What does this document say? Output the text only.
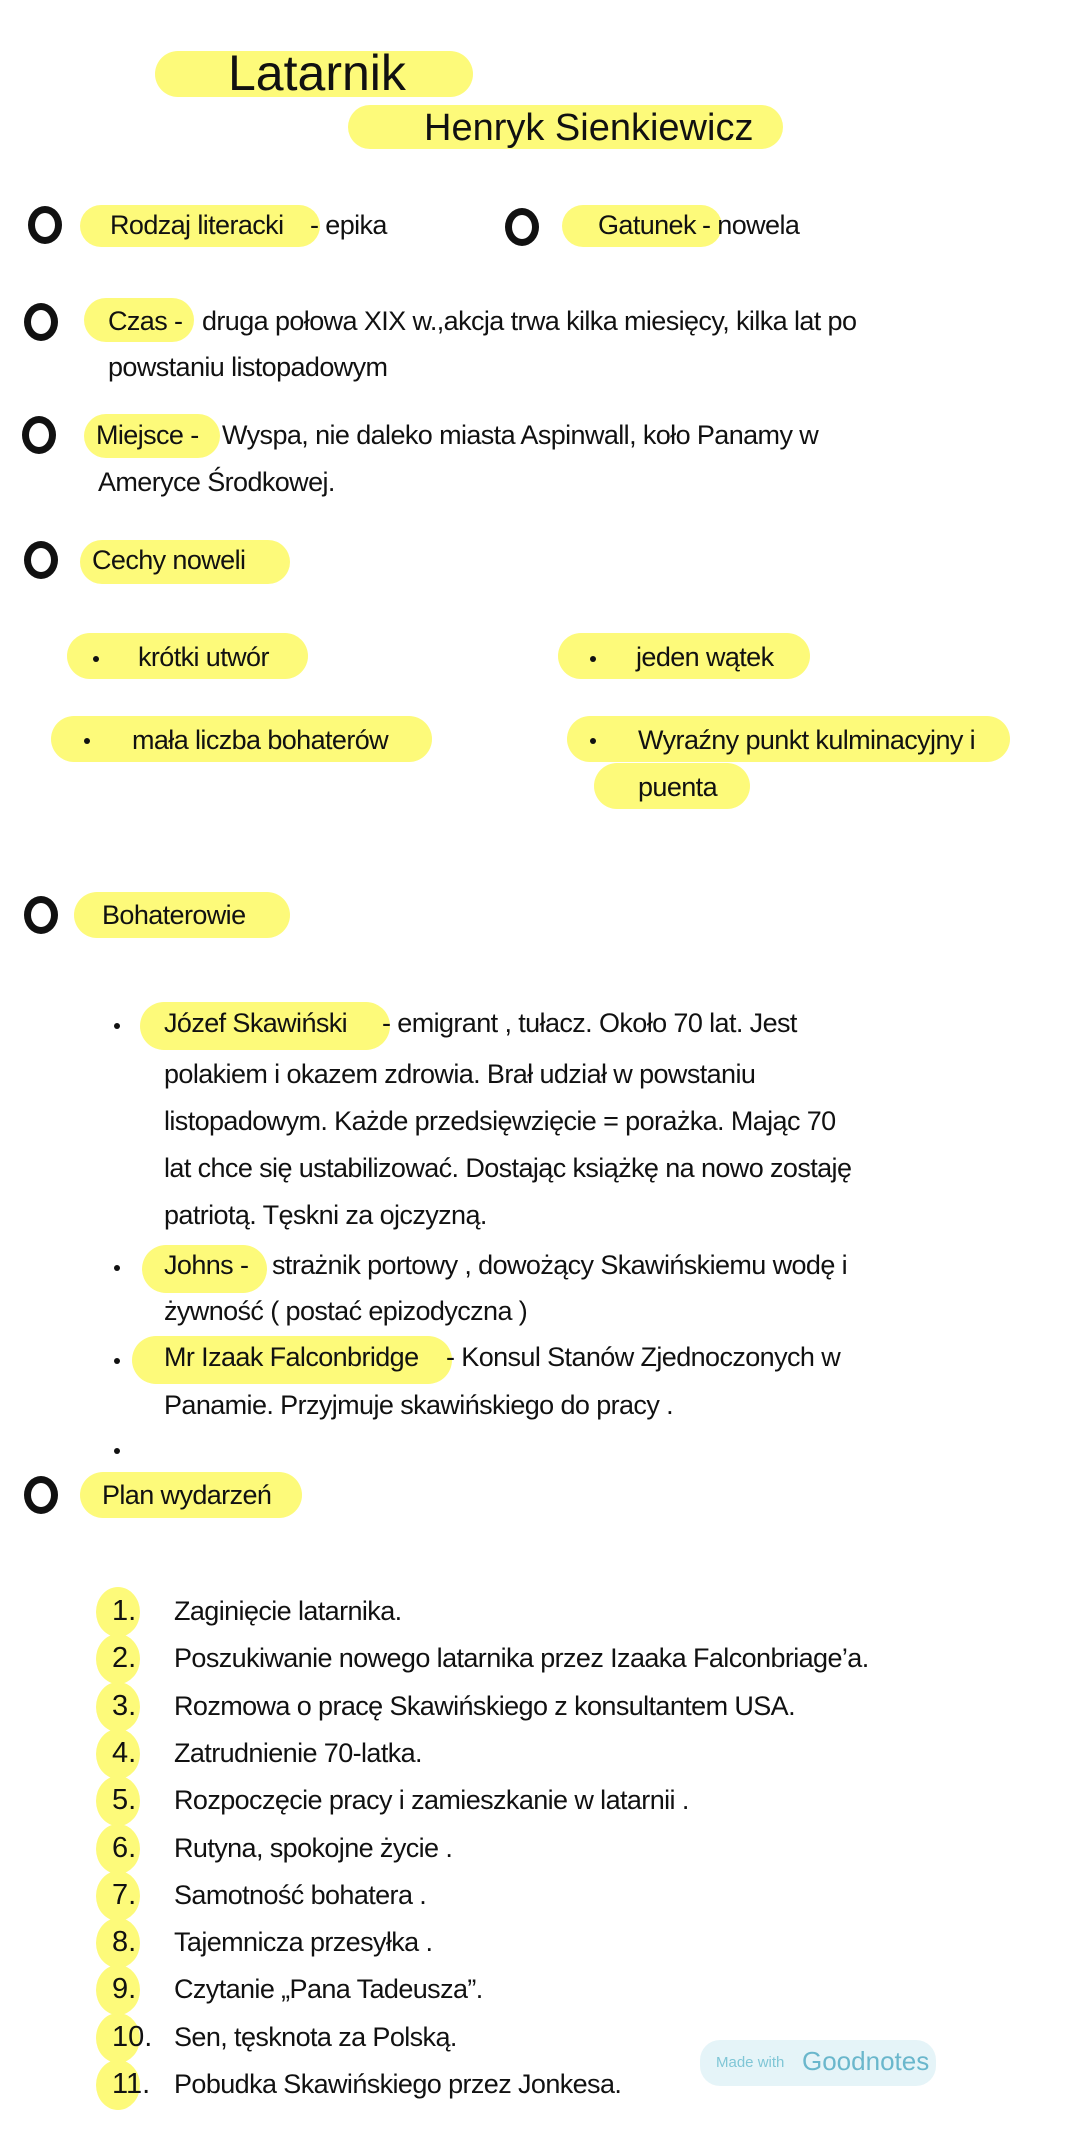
Latarnik
Henryk Sienkiewicz
Rodzaj literacki - epika	Gatunek - nowela
Czas - druga połowa XIX w.,akcja trwa kilka miesięcy, kilka lat po
powstaniu listopadowym
Miejsce - Wyspa, nie daleko miasta Aspinwall, koło Panamy w
Ameryce Środkowej.
Cechy noweli
krótki utwór	jeden wątek
mała liczba bohaterów	Wyraźny punkt kulminacyjny i
puenta
Bohaterowie
Józef Skawiński - emigrant , tułacz. Około 70 lat. Jest
polakiem i okazem zdrowia. Brał udział w powstaniu
listopadowym. Każde przedsięwzięcie = porażka. Mając 70
lat chce się ustabilizować. Dostając książkę na nowo zostaję
patriotą. Tęskni za ojczyzną.
Johns - strażnik portowy , dowożący Skawińskiemu wodę i
żywność ( postać epizodyczna )
Mr Izaak Falconbridge - Konsul Stanów Zjednoczonych w
Panamie. Przyjmuje skawińskiego do pracy .
Plan wydarzeń
Made with Goodnotes
1. Zaginięcie latarnika.
2. Poszukiwanie nowego latarnika przez Izaaka Falconbriage’a.
3. Rozmowa o pracę Skawińskiego z konsultantem USA.
4. Zatrudnienie 70-latka.
5. Rozpoczęcie pracy i zamieszkanie w latarnii .
6. Rutyna, spokojne życie .
7. Samotność bohatera .
8. Tajemnicza przesyłka .
9. Czytanie „Pana Tadeusza”.
10. Sen, tęsknota za Polską.
11. Pobudka Skawińskiego przez Jonkesa.
